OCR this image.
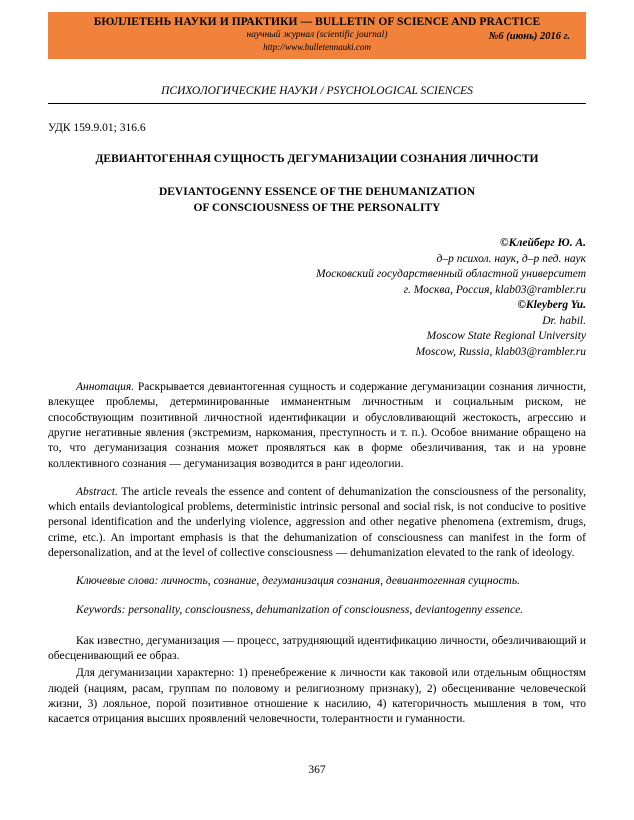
БЮЛЛЕТЕНЬ НАУКИ И ПРАКТИКИ — BULLETIN OF SCIENCE AND PRACTICE
научный журнал (scientific journal)
http://www.bulletennauki.com
№6 (июнь) 2016 г.
ПСИХОЛОГИЧЕСКИЕ НАУКИ / PSYCHOLOGICAL SCIENCES
УДК 159.9.01; 316.6
ДЕВИАНТОГЕННАЯ СУЩНОСТЬ ДЕГУМАНИЗАЦИИ СОЗНАНИЯ ЛИЧНОСТИ
DEVIANTOGENNY ESSENCE OF THE DEHUMANIZATION
OF CONSCIOUSNESS OF THE PERSONALITY
©Клейберг Ю. А.
д–р психол. наук, д–р пед. наук
Московский государственный областной университет
г. Москва, Россия, klab03@rambler.ru
©Kleyberg Yu.
Dr. habil.
Moscow State Regional University
Moscow, Russia, klab03@rambler.ru

Аннотация. Раскрывается девиантогенная сущность и содержание дегуманизации сознания личности, влекущее проблемы, детерминированные имманентным личностным и социальным риском, не способствующим позитивной личностной идентификации и обусловливающий жестокость, агрессию и другие негативные явления (экстремизм, наркомания, преступность и т. п.). Особое внимание обращено на то, что дегуманизация сознания может проявляться как в форме обезличивания, так и на уровне коллективного сознания — дегуманизация возводится в ранг идеологии.

Abstract. The article reveals the essence and content of dehumanization the consciousness of the personality, which entails deviantological problems, deterministic intrinsic personal and social risk, is not conducive to positive personal identification and the underlying violence, aggression and other negative phenomena (extremism, drugs, crime, etc.). An important emphasis is that the dehumanization of consciousness can manifest in the form of depersonalization, and at the level of collective consciousness — dehumanization elevated to the rank of ideology.

Ключевые слова: личность, сознание, дегуманизация сознания, девиантогенная сущность.

Keywords: personality, consciousness, dehumanization of consciousness, deviantogenny essence.

Как известно, дегуманизация — процесс, затрудняющий идентификацию личности, обезличивающий и обесценивающий ее образ.

Для дегуманизации характерно: 1) пренебрежение к личности как таковой или отдельным общностям людей (нациям, расам, группам по половому и религиозному признаку), 2) обесценивание человеческой жизни, 3) лояльное, порой позитивное отношение к насилию, 4) категоричность мышления в том, что касается отрицания высших проявлений человечности, толерантности и гуманности.

367
